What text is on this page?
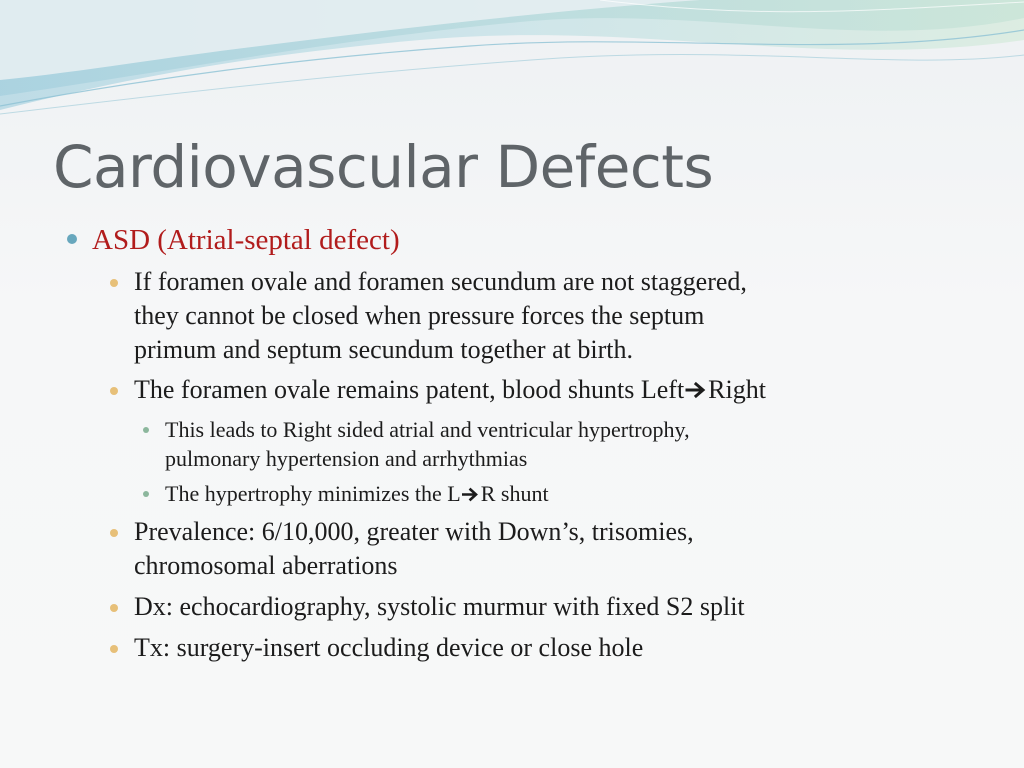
Cardiovascular Defects

ASD (Atrial-septal defect)

If foramen ovale and foramen secundum are not staggered,
they cannot be closed when pressure forces the septum
primum and septum secundum together at birth.

The foramen ovale remains patent, blood shunts Left Right

This leads to Right sided atrial and ventricular hypertrophy,
pulmonary hypertension and arrhythmias

The hypertrophy minimizes the L R shunt

Prevalence: 6/10,000, greater with Down’s, trisomies,
chromosomal aberrations

Dx: echocardiography, systolic murmur with fixed S2 split

Tx: surgery-insert occluding device or close hole
